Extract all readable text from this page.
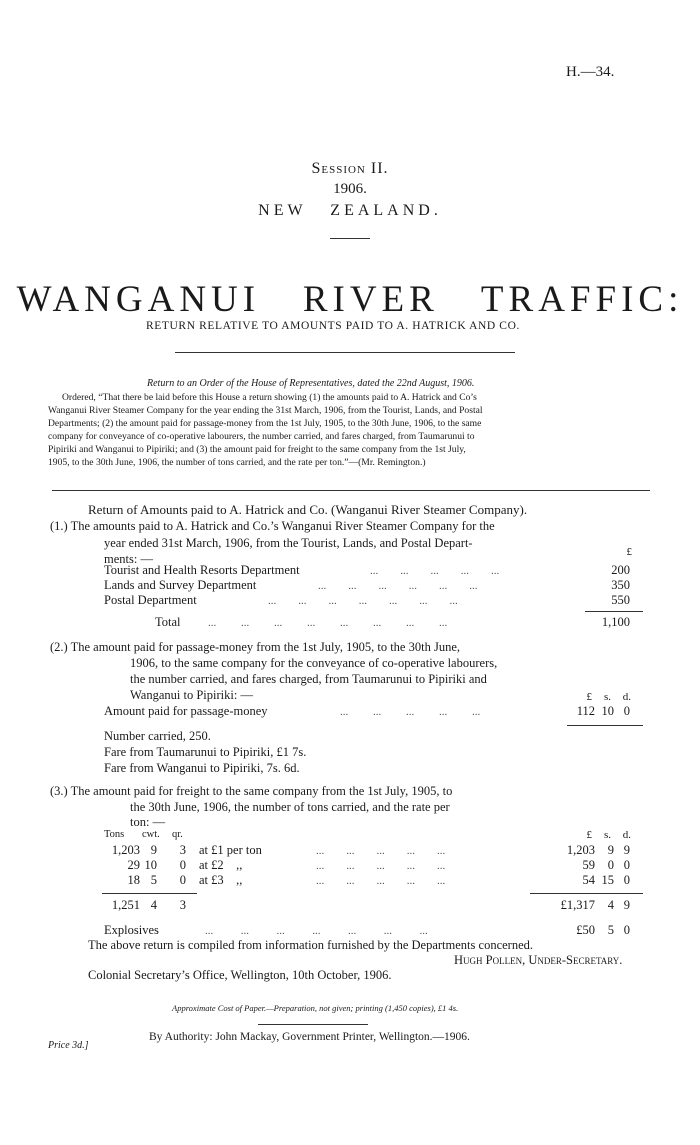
H.—34.
Session II.
1906.
NEW   ZEALAND.
WANGANUI   RIVER   TRAFFIC:
RETURN RELATIVE TO AMOUNTS PAID TO A. HATRICK AND CO.
Return to an Order of the House of Representatives, dated the 22nd August, 1906.
Ordered, “That there be laid before this House a return showing (1) the amounts paid to A. Hatrick and Co’s
Wanganui River Steamer Company for the year ending the 31st March, 1906, from the Tourist, Lands, and Postal
Departments; (2) the amount paid for passage-money from the 1st July, 1905, to the 30th June, 1906, to the same
company for conveyance of co-operative labourers, the number carried, and fares charged, from Taumarunui to
Pipiriki and Wanganui to Pipiriki; and (3) the amount paid for freight to the same company from the 1st July,
1905, to the 30th June, 1906, the number of tons carried, and the rate per ton.”—(Mr. Remington.)
Return of Amounts paid to A. Hatrick and Co. (Wanganui River Steamer Company).
(1.) The amounts paid to A. Hatrick and Co.’s Wanganui River Steamer Company for the
year ended 31st March, 1906, from the Tourist, Lands, and Postal Depart-
ments: —	£
Tourist and Health Resorts Department	...        ...        ...        ...        ...	200
Lands and Survey Department	...        ...        ...        ...        ...        ...	350
Postal Department	...        ...        ...        ...        ...        ...        ...	550
Total ...         ...         ...         ...         ...         ...         ...         ...	1,100
(2.) The amount paid for passage-money from the 1st July, 1905, to the 30th June,
1906, to the same company for the conveyance of co-operative labourers,
the number carried, and fares charged, from Taumarunui to Pipiriki and
Wanganui to Pipiriki: —	£ s. d.
Amount paid for passage-money	...         ...         ...         ...         ...	112 10 0
Number carried, 250.
Fare from Taumarunui to Pipiriki, £1 7s.
Fare from Wanganui to Pipiriki, 7s. 6d.
(3.) The amount paid for freight to the same company from the 1st July, 1905, to
the 30th June, 1906, the number of tons carried, and the rate per
ton: —
Tons cwt. qr.	£ s. d.
1,203 9 3 at £1 per ton	...        ...        ...        ...        ...	1,203 9 9
29 10 0 at £2    ,,	...        ...        ...        ...        ...	59 0 0
18 5 0 at £3    ,,	...        ...        ...        ...        ...	54 15 0
1,251 4 3	£1,317 4 9
Explosives	...          ...          ...          ...          ...          ...          ...	£50 5 0
The above return is compiled from information furnished by the Departments concerned.
Hugh Pollen, Under-Secretary.
Colonial Secretary’s Office, Wellington, 10th October, 1906.
Approximate Cost of Paper.—Preparation, not given; printing (1,450 copies), £1 4s.
By Authority: John Mackay, Government Printer, Wellington.—1906.
Price 3d.]
